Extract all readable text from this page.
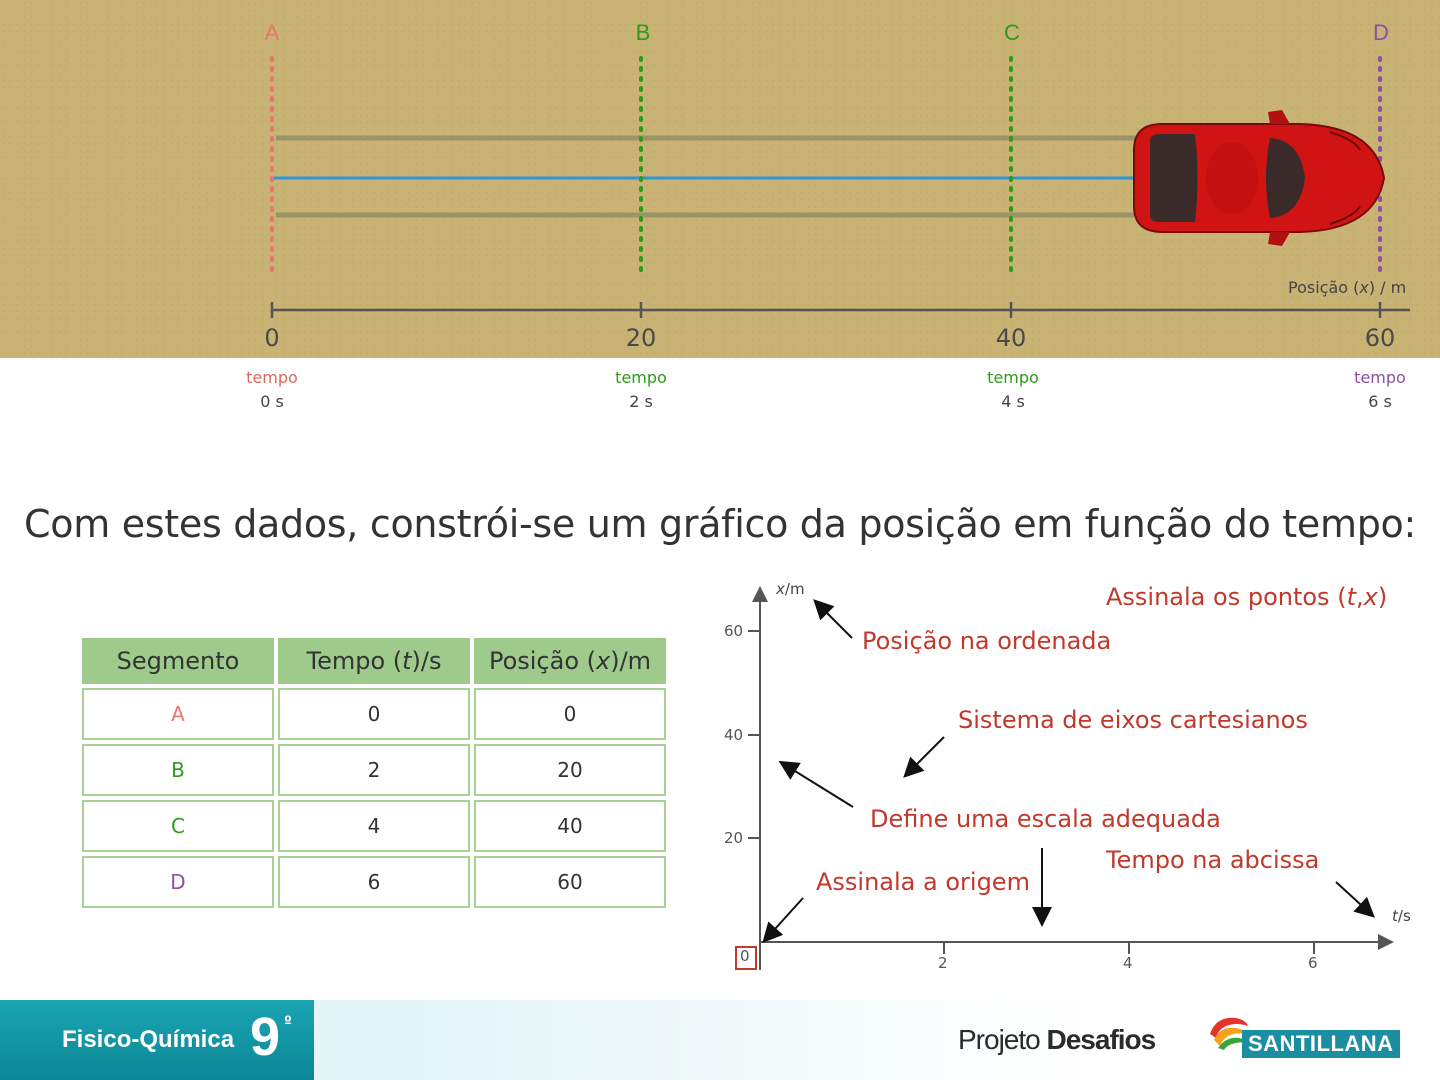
A	B	C	D
Posição (x) / m
0	20	40	60
tempo
0 s
tempo
2 s
tempo
4 s
tempo
6 s
Com estes dados, constrói-se um gráfico da posição em função do tempo:
Segmento	Tempo (t)/s	Posição (x)/m
A	0	0
B	2	20
C	4	40
D	6	60
x/m
t/s
60
40
20
0	2	4	6
Assinala os pontos (t,x)
Posição na ordenada
Sistema de eixos cartesianos
Define uma escala adequada
Tempo na abcissa
Assinala a origem
Fisico-Química 9 º
Projeto Desafios	SANTILLANA
